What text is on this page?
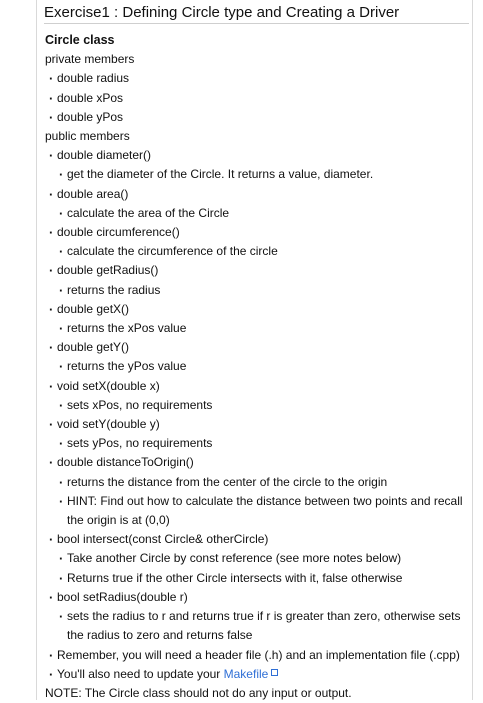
Exercise1 : Defining Circle type and Creating a Driver
Circle class
private members
· double radius
· double xPos
· double yPos
public members
· double diameter()
· get the diameter of the Circle. It returns a value, diameter.
· double area()
· calculate the area of the Circle
· double circumference()
· calculate the circumference of the circle
· double getRadius()
· returns the radius
· double getX()
· returns the xPos value
· double getY()
· returns the yPos value
· void setX(double x)
· sets xPos, no requirements
· void setY(double y)
· sets yPos, no requirements
· double distanceToOrigin()
· returns the distance from the center of the circle to the origin
· HINT: Find out how to calculate the distance between two points and recall the origin is at (0,0)
· bool intersect(const Circle& otherCircle)
· Take another Circle by const reference (see more notes below)
· Returns true if the other Circle intersects with it, false otherwise
· bool setRadius(double r)
· sets the radius to r and returns true if r is greater than zero, otherwise sets the radius to zero and returns false
· Remember, you will need a header file (.h) and an implementation file (.cpp)
· You'll also need to update your Makefile
NOTE: The Circle class should not do any input or output.
